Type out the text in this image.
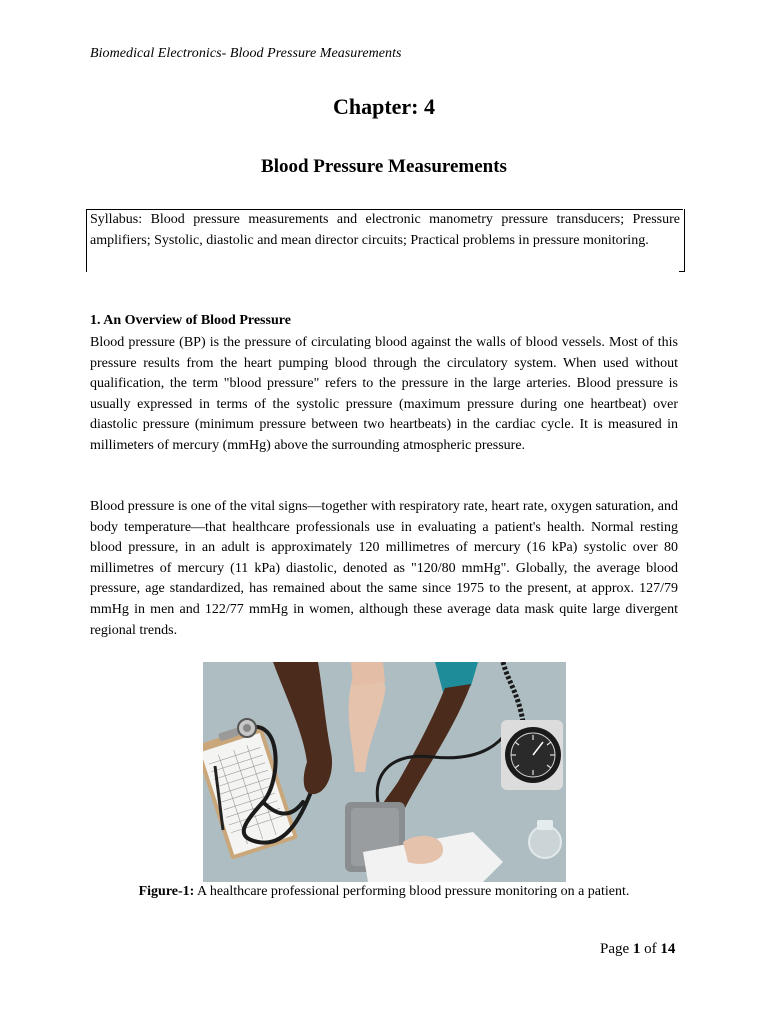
Biomedical Electronics- Blood Pressure Measurements
Chapter: 4
Blood Pressure Measurements
Syllabus: Blood pressure measurements and electronic manometry pressure transducers; Pressure amplifiers; Systolic, diastolic and mean director circuits; Practical problems in pressure monitoring.
1. An Overview of Blood Pressure
Blood pressure (BP) is the pressure of circulating blood against the walls of blood vessels. Most of this pressure results from the heart pumping blood through the circulatory system. When used without qualification, the term "blood pressure" refers to the pressure in the large arteries. Blood pressure is usually expressed in terms of the systolic pressure (maximum pressure during one heartbeat) over diastolic pressure (minimum pressure between two heartbeats) in the cardiac cycle. It is measured in millimeters of mercury (mmHg) above the surrounding atmospheric pressure.
Blood pressure is one of the vital signs—together with respiratory rate, heart rate, oxygen saturation, and body temperature—that healthcare professionals use in evaluating a patient's health. Normal resting blood pressure, in an adult is approximately 120 millimetres of mercury (16 kPa) systolic over 80 millimetres of mercury (11 kPa) diastolic, denoted as "120/80 mmHg". Globally, the average blood pressure, age standardized, has remained about the same since 1975 to the present, at approx. 127/79 mmHg in men and 122/77 mmHg in women, although these average data mask quite large divergent regional trends.
Figure-1: A healthcare professional performing blood pressure monitoring on a patient.
Page 1 of 14
